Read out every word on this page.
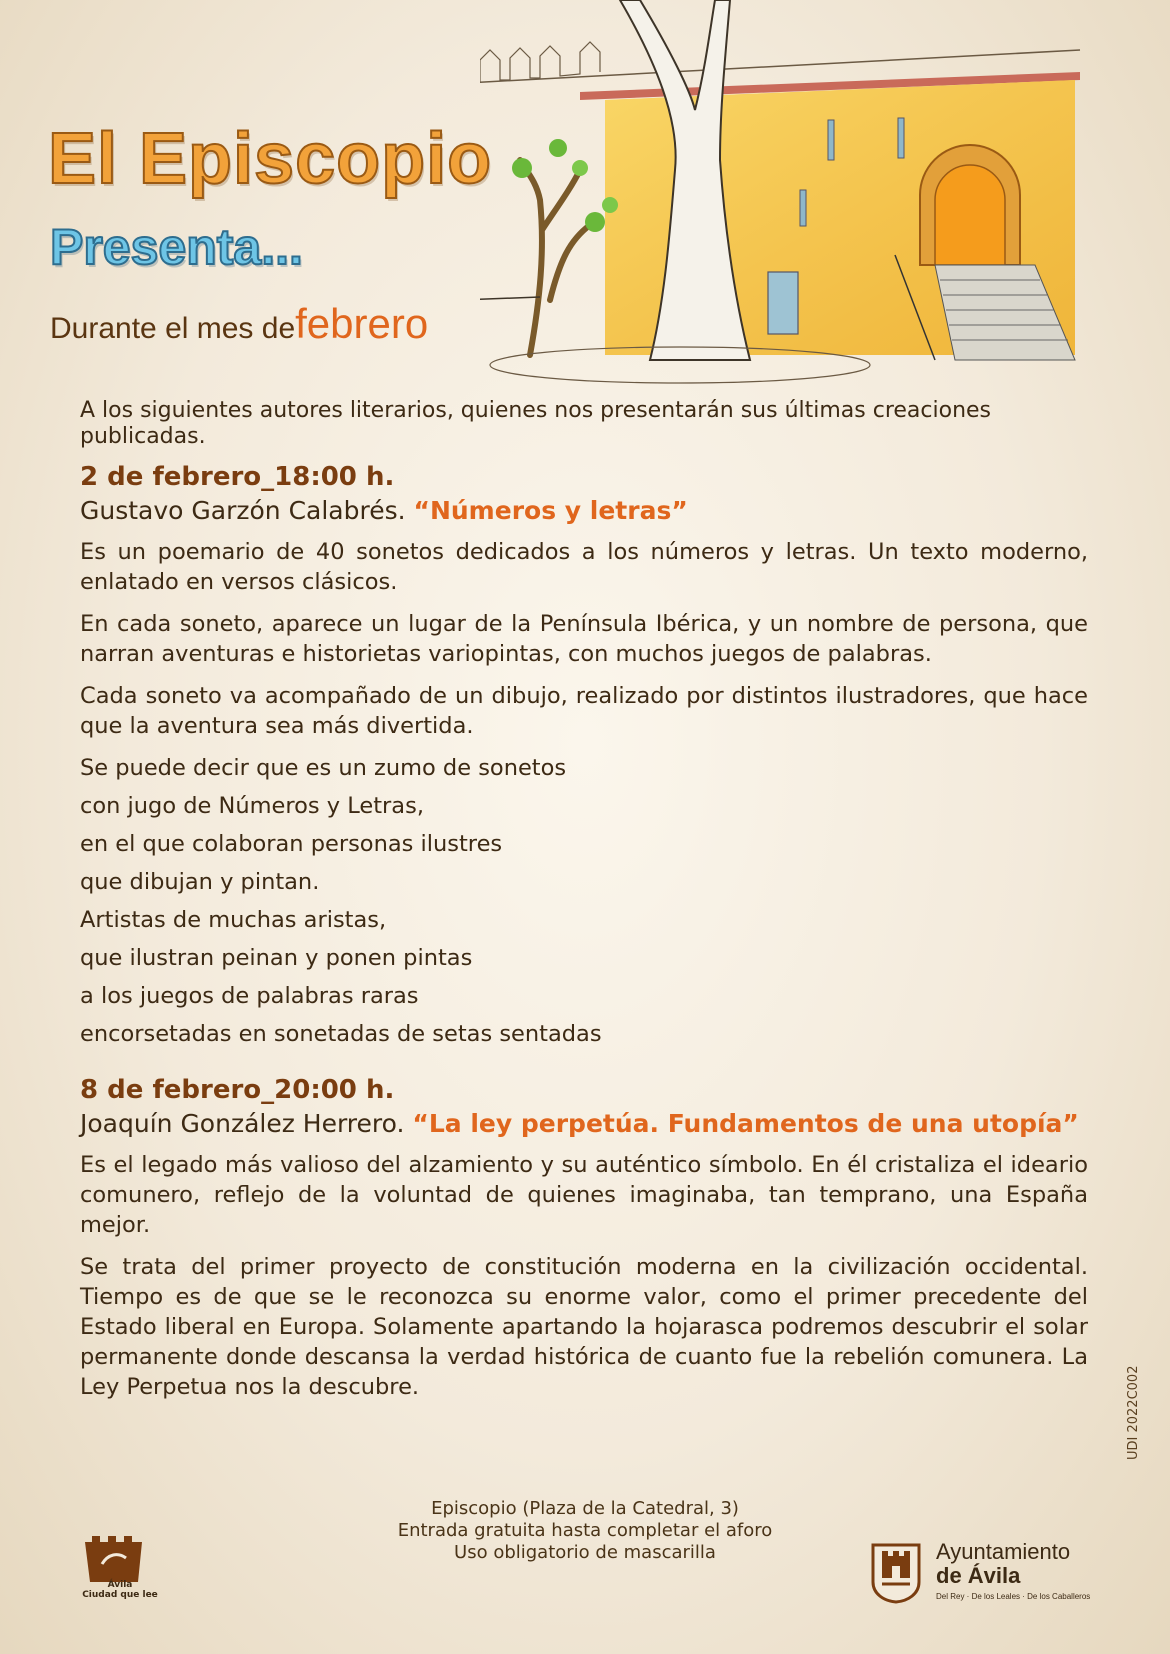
El Episcopio
Presenta...
Durante el mes defebrero

A los siguientes autores literarios, quienes nos presentarán sus últimas creaciones publicadas.

2 de febrero_18:00 h.
Gustavo Garzón Calabrés. “Números y letras”

Es un poemario de 40 sonetos dedicados a los números y letras. Un texto moderno, enlatado en versos clásicos.

En cada soneto, aparece un lugar de la Península Ibérica, y un nombre de persona, que narran aventuras e historietas variopintas, con muchos juegos de palabras.

Cada soneto va acompañado de un dibujo, realizado por distintos ilustradores, que hace que la aventura sea más divertida.

Se puede decir que es un zumo de sonetos
con jugo de Números y Letras,
en el que colaboran personas ilustres
que dibujan y pintan.
Artistas de muchas aristas,
que ilustran peinan y ponen pintas
a los juegos de palabras raras
encorsetadas en sonetadas de setas sentadas
8 de febrero_20:00 h.
Joaquín González Herrero. “La ley perpetúa. Fundamentos de una utopía”

Es el legado más valioso del alzamiento y su auténtico símbolo. En él cristaliza el ideario comunero, reflejo de la voluntad de quienes imaginaba, tan temprano, una España mejor.

Se trata del primer proyecto de constitución moderna en la civilización occidental. Tiempo es de que se le reconozca su enorme valor, como el primer precedente del Estado liberal en Europa. Solamente apartando la hojarasca podremos descubrir el solar permanente donde descansa la verdad histórica de cuanto fue la rebelión comunera. La Ley Perpetua nos la descubre.	UDI 2022C002
Episcopio (Plaza de la Catedral, 3)
Entrada gratuita hasta completar el aforo
Uso obligatorio de mascarilla
Ávila
Ciudad que lee
Ayuntamiento
de Ávila
Del Rey · De los Leales · De los Caballeros
